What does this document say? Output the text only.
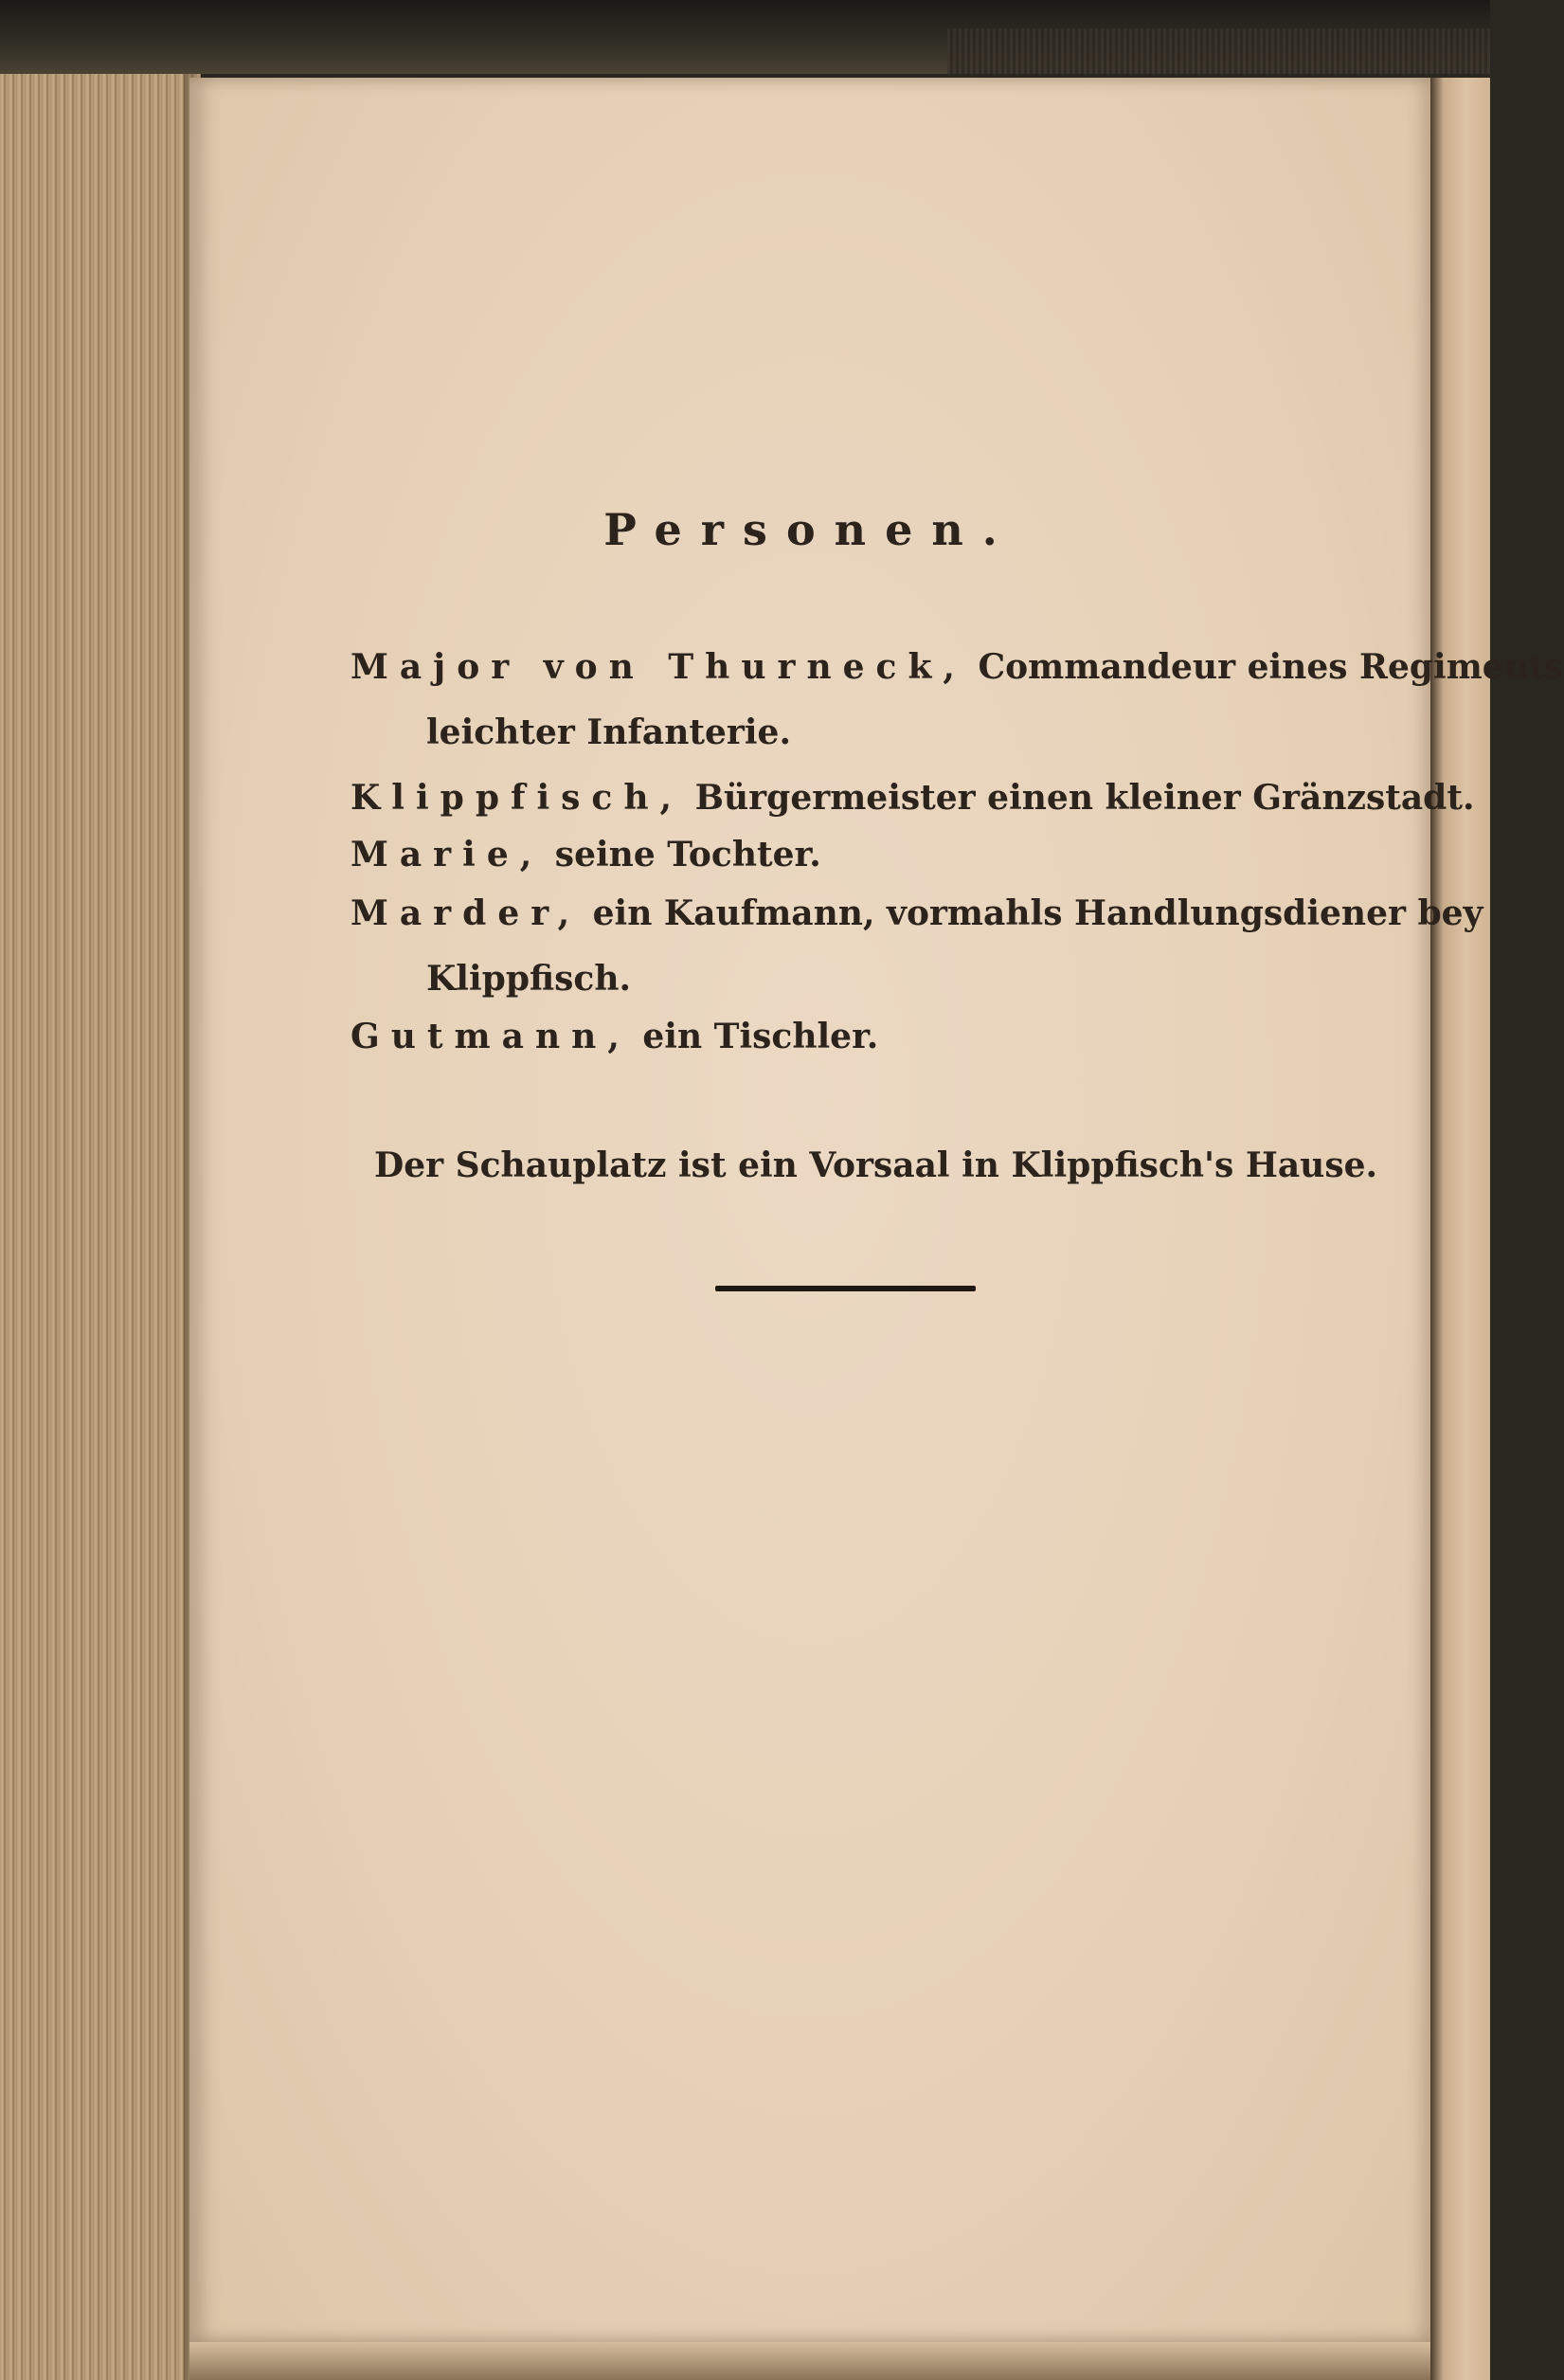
Personen.
Major von Thurneck, Commandeur eines Regiments
leichter Infanterie.
Klippfisch, Bürgermeister einen kleiner Gränzstadt.
Marie, seine Tochter.
Marder, ein Kaufmann, vormahls Handlungsdiener bey
Klippfisch.
Gutmann, ein Tischler.
Der Schauplatz ist ein Vorsaal in Klippfisch's Hause.
